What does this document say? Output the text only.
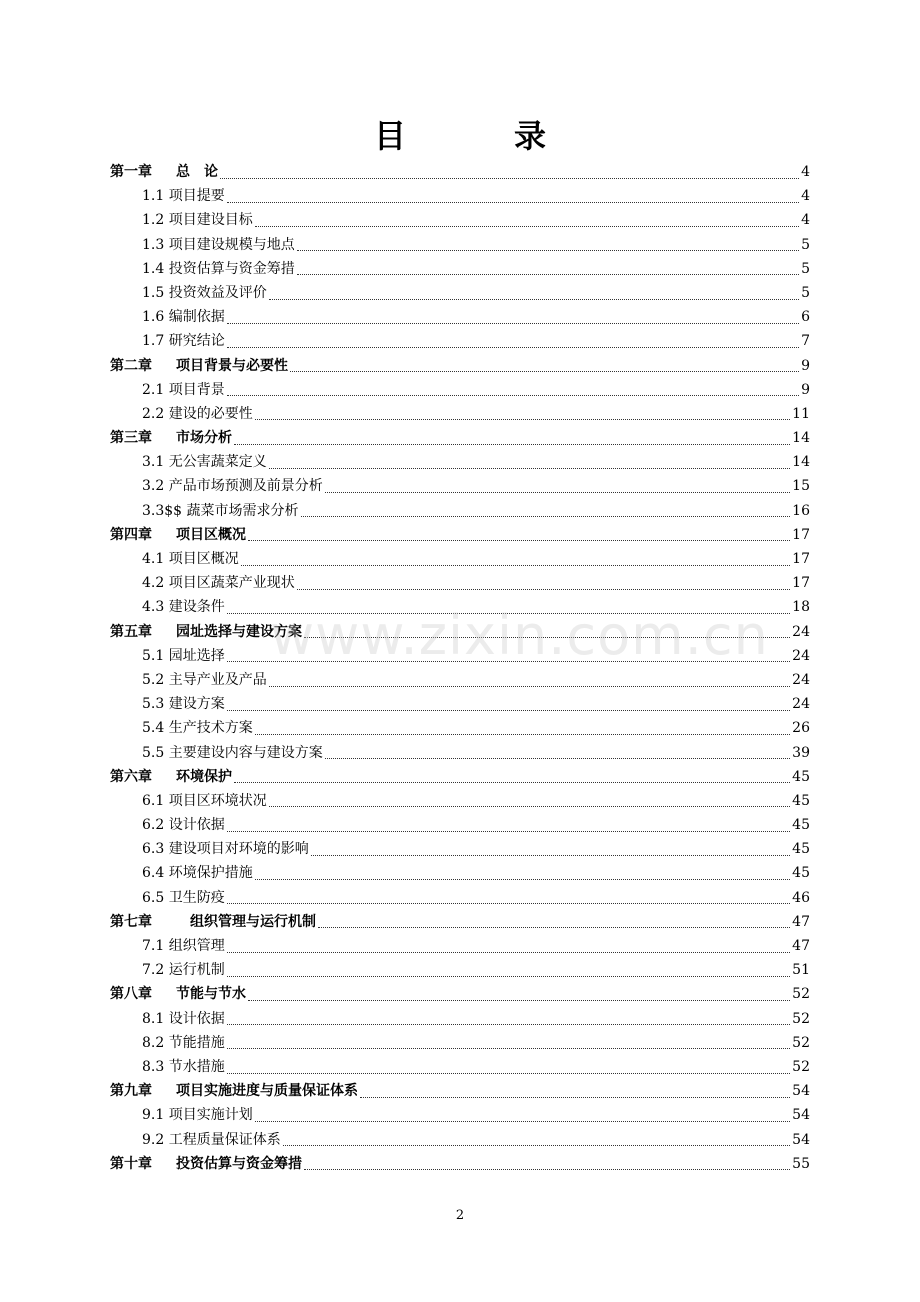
目　录
第一章 总　论	4
1.1 项目提要	4
1.2 项目建设目标	4
1.3 项目建设规模与地点	5
1.4 投资估算与资金筹措	5
1.5 投资效益及评价	5
1.6 编制依据	6
1.7 研究结论	7
第二章 项目背景与必要性	9
2.1 项目背景	9
2.2 建设的必要性	11
第三章 市场分析	14
3.1 无公害蔬菜定义	14
3.2 产品市场预测及前景分析	15
3.3$$ 蔬菜市场需求分析	16
第四章 项目区概况	17
4.1 项目区概况	17
4.2 项目区蔬菜产业现状	17
4.3 建设条件	18
第五章 园址选择与建设方案	24
5.1 园址选择	24
5.2 主导产业及产品	24
5.3 建设方案	24
5.4 生产技术方案	26
5.5 主要建设内容与建设方案	39
第六章 环境保护	45
6.1 项目区环境状况	45
6.2 设计依据	45
6.3 建设项目对环境的影响	45
6.4 环境保护措施	45
6.5 卫生防疫	46
第七章　组织管理与运行机制	47
7.1 组织管理	47
7.2 运行机制	51
第八章 节能与节水	52
8.1 设计依据	52
8.2 节能措施	52
8.3 节水措施	52
第九章 项目实施进度与质量保证体系	54
9.1 项目实施计划	54
9.2 工程质量保证体系	54
第十章 投资估算与资金筹措	55
www.zixin.com.cn
2
